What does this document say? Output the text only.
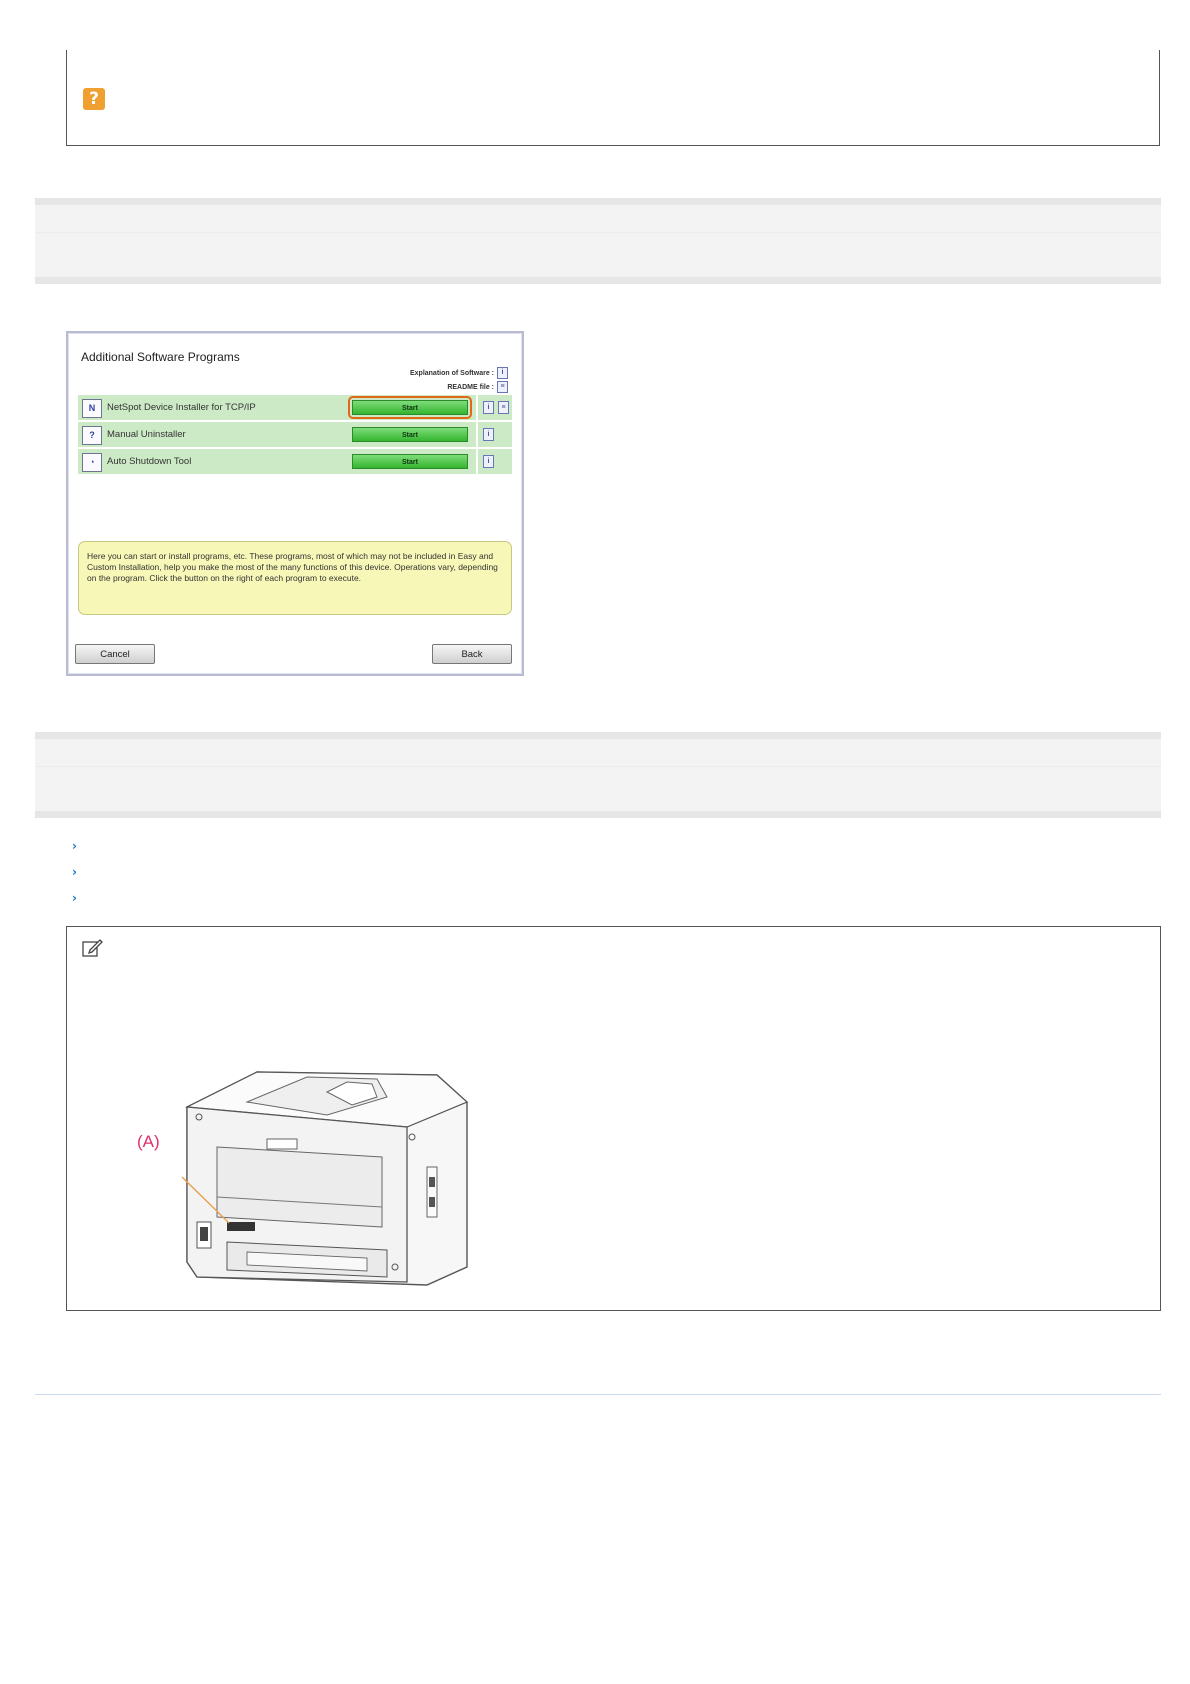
?
Additional Software Programs
Explanation of Software : i
README file : ≡
N	NetSpot Device Installer for TCP/IP	Start	i	≡
?	Manual Uninstaller	Start	i
◔	Auto Shutdown Tool	Start	i
Here you can start or install programs, etc. These programs, most of which may not be included in Easy and Custom Installation, help you make the most of the many functions of this device. Operations vary, depending on the program. Click the button on the right of each program to execute.
Cancel	Back
›
›
›
(A)
